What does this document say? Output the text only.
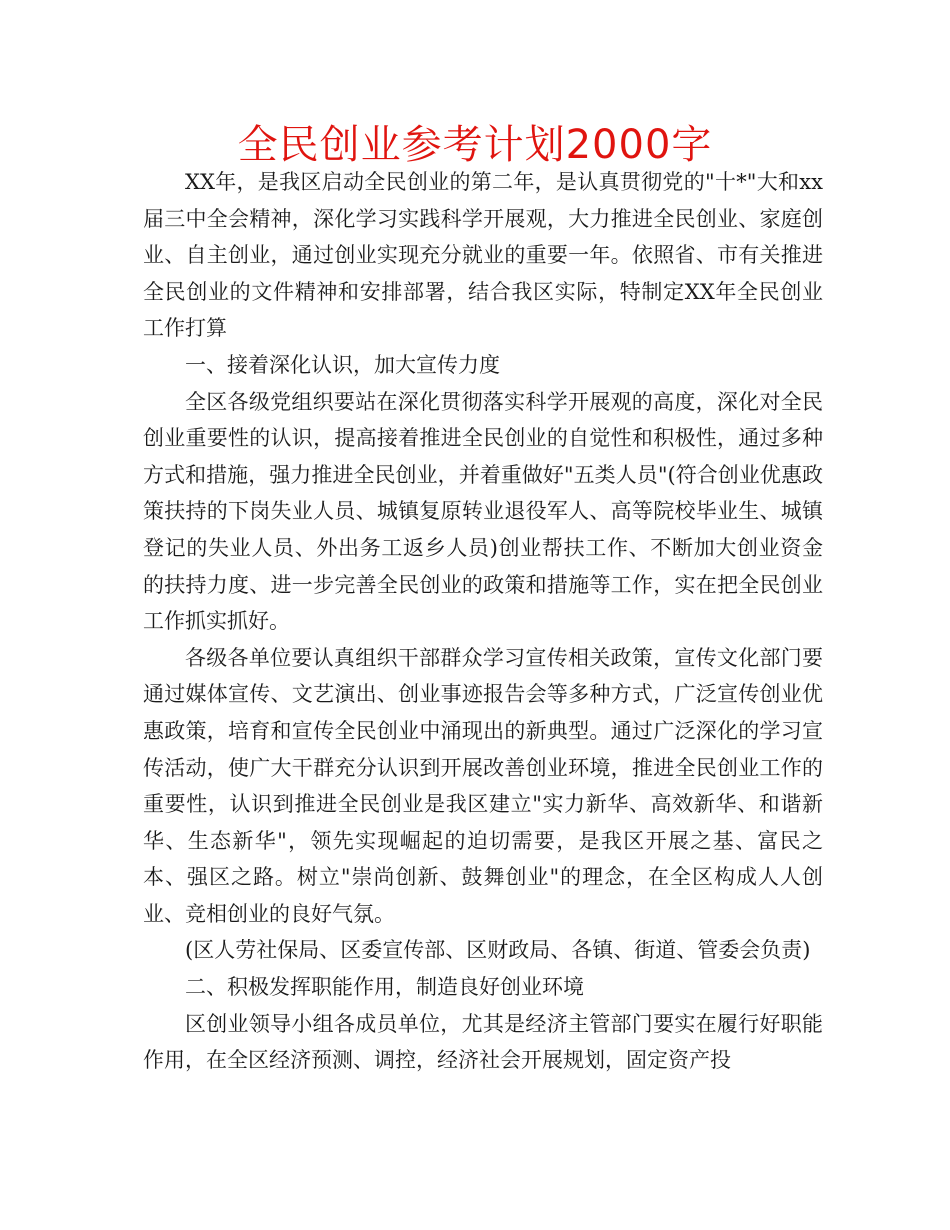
全民创业参考计划2000字

XX年，是我区启动全民创业的第二年，是认真贯彻党的"十*"大和xx届三中全会精神，深化学习实践科学开展观，大力推进全民创业、家庭创业、自主创业，通过创业实现充分就业的重要一年。依照省、市有关推进全民创业的文件精神和安排部署，结合我区实际，特制定XX年全民创业工作打算

一、接着深化认识，加大宣传力度

全区各级党组织要站在深化贯彻落实科学开展观的高度，深化对全民创业重要性的认识，提高接着推进全民创业的自觉性和积极性，通过多种方式和措施，强力推进全民创业，并着重做好"五类人员"(符合创业优惠政策扶持的下岗失业人员、城镇复原转业退役军人、高等院校毕业生、城镇登记的失业人员、外出务工返乡人员)创业帮扶工作、不断加大创业资金的扶持力度、进一步完善全民创业的政策和措施等工作，实在把全民创业工作抓实抓好。

各级各单位要认真组织干部群众学习宣传相关政策，宣传文化部门要通过媒体宣传、文艺演出、创业事迹报告会等多种方式，广泛宣传创业优惠政策，培育和宣传全民创业中涌现出的新典型。通过广泛深化的学习宣传活动，使广大干群充分认识到开展改善创业环境，推进全民创业工作的重要性，认识到推进全民创业是我区建立"实力新华、高效新华、和谐新华、生态新华"，领先实现崛起的迫切需要，是我区开展之基、富民之本、强区之路。树立"崇尚创新、鼓舞创业"的理念，在全区构成人人创业、竞相创业的良好气氛。

(区人劳社保局、区委宣传部、区财政局、各镇、街道、管委会负责)

二、积极发挥职能作用，制造良好创业环境

区创业领导小组各成员单位，尤其是经济主管部门要实在履行好职能作用，在全区经济预测、调控，经济社会开展规划，固定资产投
